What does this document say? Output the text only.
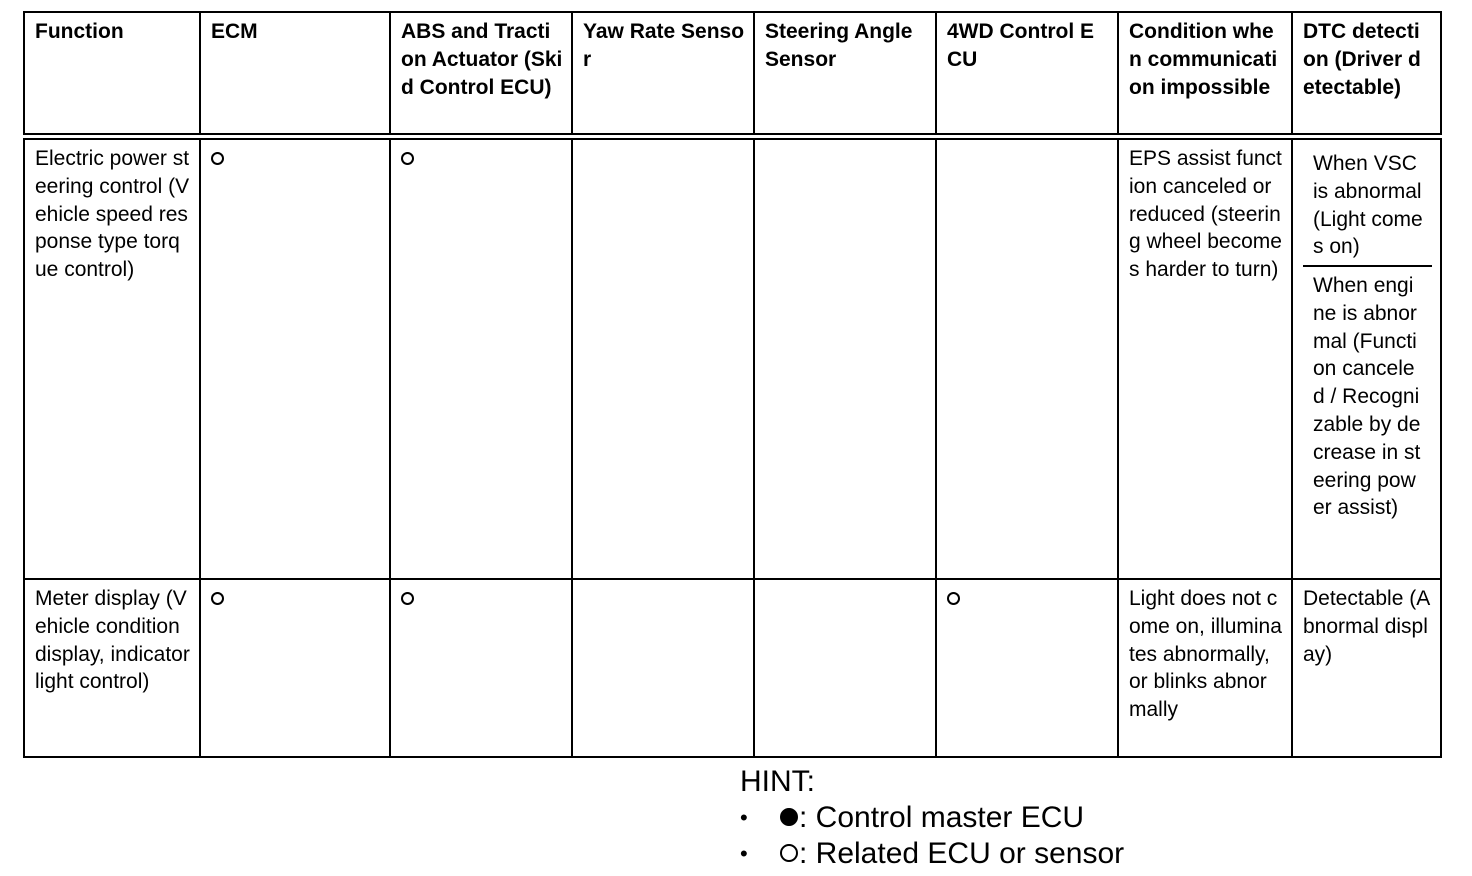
Function	ECM	ABS and Traction Actuator (Skid Control ECU)	Yaw Rate Sensor	Steering Angle Sensor	4WD Control ECU	Condition when communication impossible	DTC detection (Driver detectable)
Electric power steering control (Vehicle speed response type torque control)						EPS assist function canceled or reduced (steering wheel becomes harder to turn)	When VSC is abnormal (Light comes on)
When engine is abnormal (Function canceled / Recognizable by decrease in steering power assist)

Meter display (Vehicle condition display, indicator light control)						Light does not come on, illuminates abnormally, or blinks abnormally	Detectable (Abnormal display)
HINT:
• : Control master ECU
• : Related ECU or sensor
